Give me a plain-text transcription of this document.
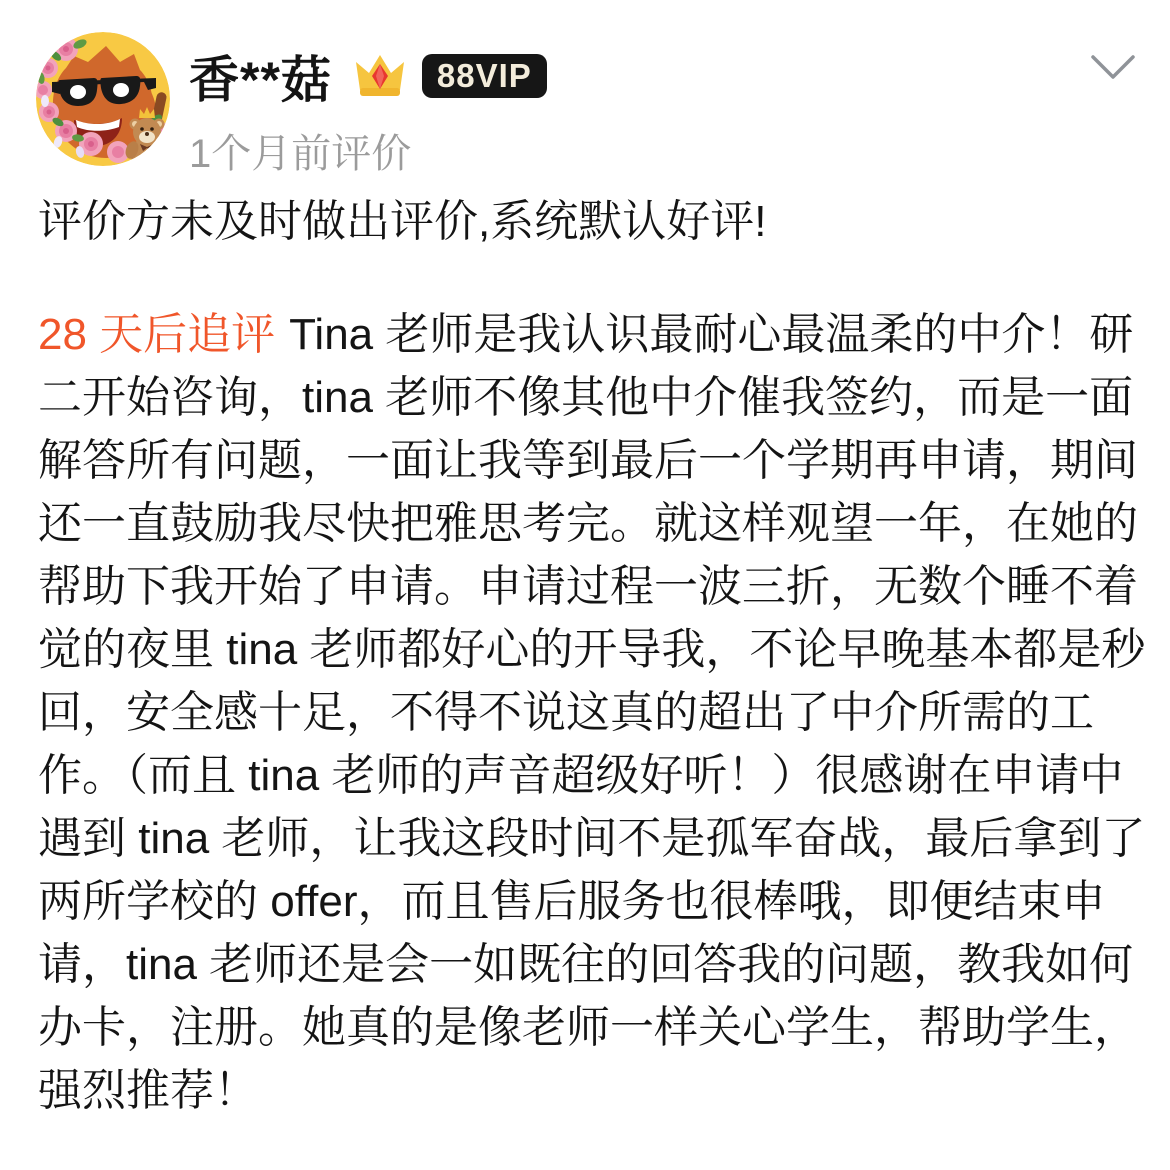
香**菇	88VIP
1个月前评价
评价方未及时做出评价,系统默认好评!
28 天后追评 Tina 老师是我认识最耐心最温柔的中介！研
二开始咨询，tina 老师不像其他中介催我签约，而是一面
解答所有问题，一面让我等到最后一个学期再申请，期间
还一直鼓励我尽快把雅思考完。就这样观望一年，在她的
帮助下我开始了申请。申请过程一波三折，无数个睡不着
觉的夜里 tina 老师都好心的开导我，不论早晚基本都是秒
回，安全感十足，不得不说这真的超出了中介所需的工
作。（而且 tina 老师的声音超级好听！）很感谢在申请中
遇到 tina 老师，让我这段时间不是孤军奋战，最后拿到了
两所学校的 offer，而且售后服务也很棒哦，即便结束申
请，tina 老师还是会一如既往的回答我的问题，教我如何
办卡，注册。她真的是像老师一样关心学生，帮助学生，
强烈推荐！
